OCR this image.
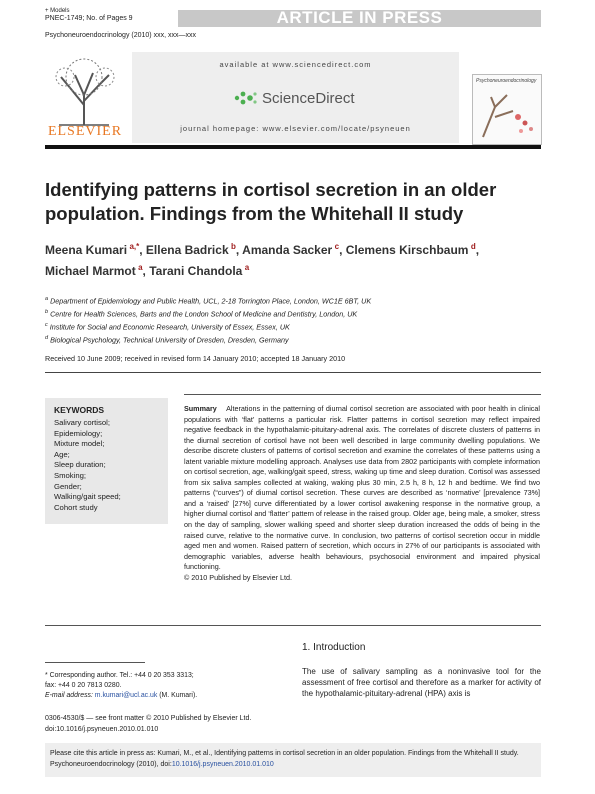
+ Models
PNEC-1749; No. of Pages 9	ARTICLE IN PRESS
Psychoneuroendocrinology (2010) xxx, xxx—xxx
ELSEVIER
available at www.sciencedirect.com
ScienceDirect
journal homepage: www.elsevier.com/locate/psyneuen
Psychoneuroendocrinology
Identifying patterns in cortisol secretion in an older population. Findings from the Whitehall II study
Meena Kumari  $^{a,*}$, Ellena Badrick  $^b$, Amanda Sacker  $^c$, Clemens Kirschbaum  $^d$,
Michael Marmot  $^a$, Tarani Chandola  $^a$
$^a$ Department of Epidemiology and Public Health, UCL, 2-18 Torrington Place, London, WC1E 6BT, UK
$^b$ Centre for Health Sciences, Barts and the London School of Medicine and Dentistry, London, UK
$^c$ Institute for Social and Economic Research, University of Essex, Essex, UK
$^d$ Biological Psychology, Technical University of Dresden, Dresden, Germany
Received 10 June 2009; received in revised form 14 January 2010; accepted 18 January 2010
KEYWORDS
Salivary cortisol;
Epidemiology;
Mixture model;
Age;
Sleep duration;
Smoking;
Gender;
Walking/gait speed;
Cohort study
Summary Alterations in the patterning of diurnal cortisol secretion are associated with poor health in clinical populations with ‘flat’ patterns a particular risk. Flatter patterns in cortisol secretion may reflect impaired negative feedback in the hypothalamic-pituitary-adrenal axis. The correlates of discrete clusters of patterns in the diurnal secretion of cortisol have not been well described in large community dwelling populations. We describe discrete clusters of patterns of cortisol secretion and examine the correlates of these patterns using a latent variable mixture modelling approach. Analyses use data from 2802 participants with complete information on cortisol secretion, age, walking/gait speed, stress, waking up time and sleep duration. Cortisol was assessed from six saliva samples collected at waking, waking plus 30 min, 2.5 h, 8 h, 12 h and bedtime. We find two patterns (“curves”) of diurnal cortisol secretion. These curves are described as ‘normative’ [prevalence 73%] and a ‘raised’ [27%] curve differentiated by a lower cortisol awakening response in the normative group, a higher diurnal cortisol and ‘flatter’ pattern of release in the raised group. Older age, being male, a smoker, stress on the day of sampling, slower walking speed and shorter sleep duration increased the odds of being in the raised curve, relative to the normative curve. In conclusion, two patterns of cortisol secretion occur in middle aged men and women. Raised pattern of secretion, which occurs in 27% of our participants is associated with demographic variables, adverse health behaviours, psychosocial environment and impaired physical functioning.
© 2010 Published by Elsevier Ltd.
1. Introduction
The use of salivary sampling as a noninvasive tool for the assessment of free cortisol and therefore as a marker for activity of the hypothalamic-pituitary-adrenal (HPA) axis is
* Corresponding author. Tel.: +44 0 20 353 3313;
fax: +44 0 20 7813 0280.
E-mail address: m.kumari@ucl.ac.uk (M. Kumari).
0306-4530/$ — see front matter © 2010 Published by Elsevier Ltd.
doi:10.1016/j.psyneuen.2010.01.010
Please cite this article in press as: Kumari, M., et al., Identifying patterns in cortisol secretion in an older population. Findings from the Whitehall II study. Psychoneuroendocrinology (2010), doi:10.1016/j.psyneuen.2010.01.010
